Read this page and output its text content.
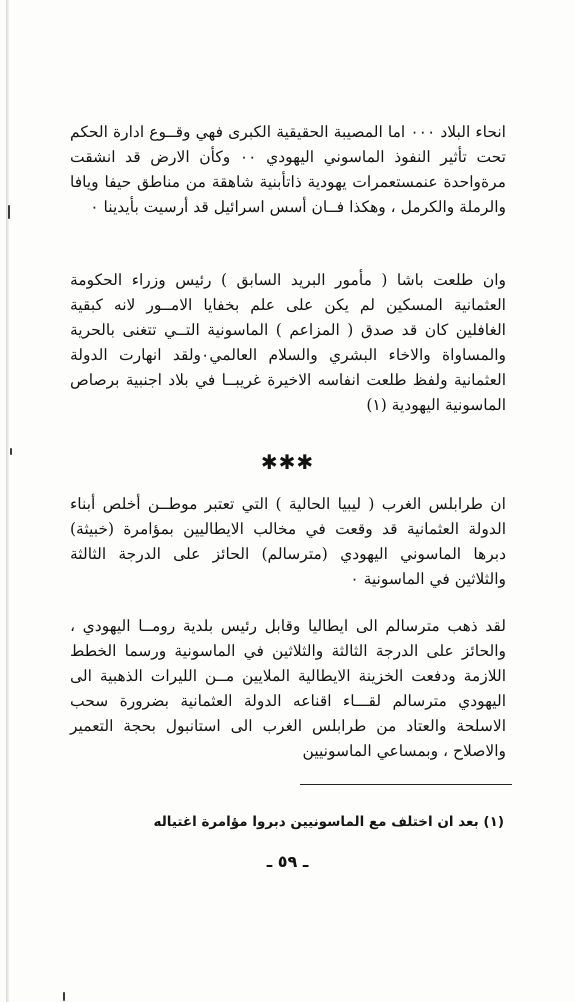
انحاء البلاد ٠٠٠ اما المصيبة الحقيقية الكبرى فهي وقــوع ادارة الحكم تحت تأثير النفوذ الماسوني اليهودي ٠٠ وكأن الارض قد انشقت مرةواحدة عنمستعمرات يهودية ذاتأبنية شاهقة من مناطق حيفا ويافا والرملة والكرمل ، وهكذا فــان أسس اسرائيل قد أرسيت بأيدينا ٠

وان طلعت باشا ( مأمور البريد السابق ) رئيس وزراء الحكومة العثمانية المسكين لم يكن على علم بخفايا الامــور لانه كبقية الغافلين كان قد صدق ( المزاعم ) الماسونية التــي تتغنى بالحرية والمساواة والاخاء البشري والسلام العالمي٠ولقد انهارت الدولة العثمانية ولفظ طلعت انفاسه الاخيرة غريبــا في بلاد اجنبية برصاص الماسونية اليهودية (١)

✱✱✱

ان طرابلس الغرب ( ليبيا الحالية ) التي تعتبر موطــن أخلص أبناء الدولة العثمانية قد وقعت في مخالب الايطاليين بمؤامرة (خبيثة) دبرها الماسوني اليهودي (مترسالم) الحائز على الدرجة الثالثة والثلاثين في الماسونية ٠

لقد ذهب مترسالم الى ايطاليا وقابل رئيس بلدية رومــا اليهودي ، والحائز على الدرجة الثالثة والثلاثين في الماسونية ورسما الخطط اللازمة ودفعت الخزينة الايطالية الملايين مــن الليرات الذهبية الى اليهودي مترسالم لقـــاء اقناعه الدولة العثمانية بضرورة سحب الاسلحة والعتاد من طرابلس الغرب الى استانبول بحجة التعمير والاصلاح ، وبمساعي الماسونيين

(١) بعد ان اختلف مع الماسونيين دبروا مؤامرة اغتياله

ـ ٥٩ ـ
